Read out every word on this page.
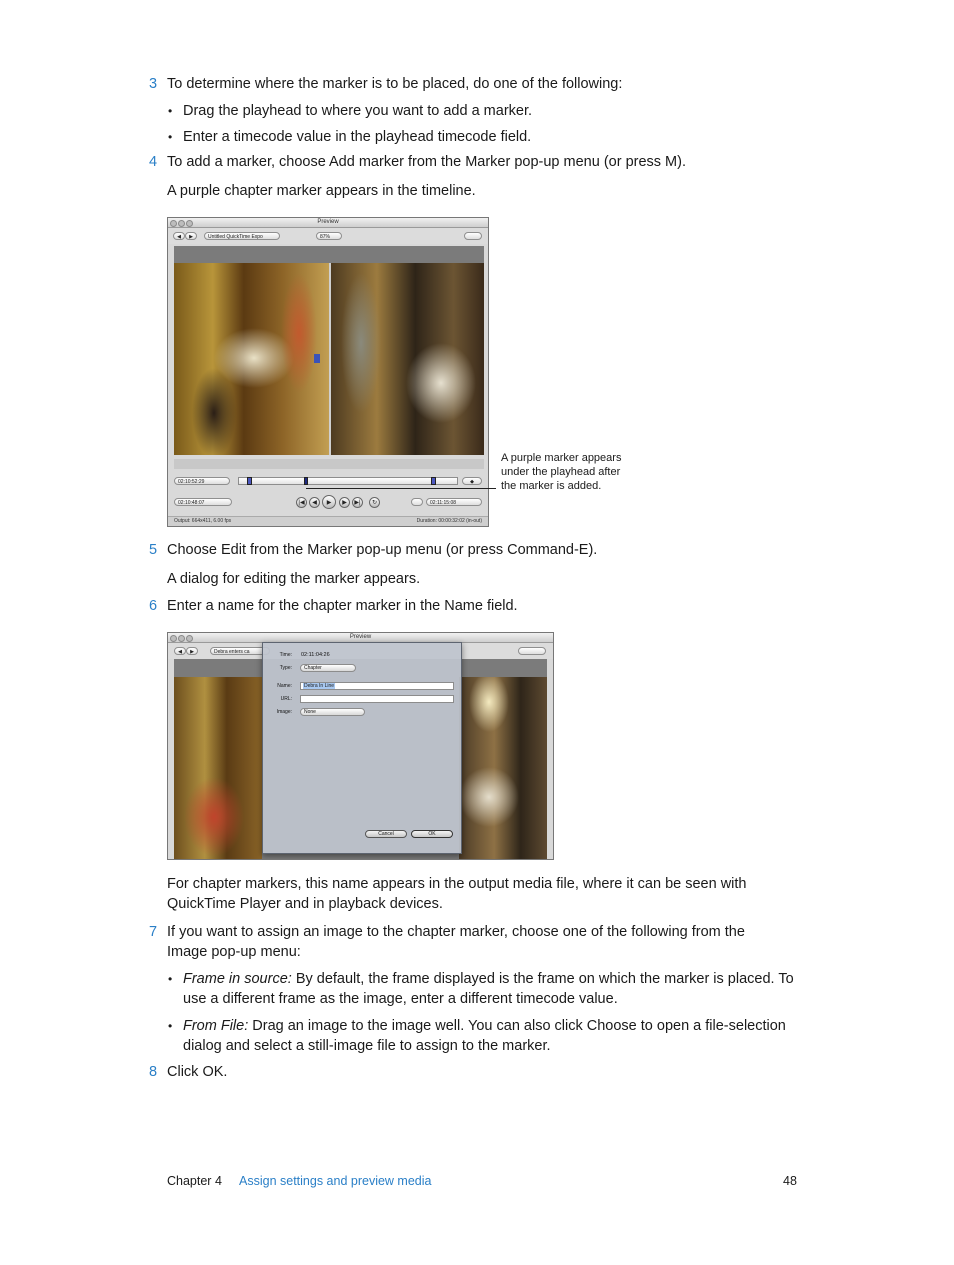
3 To determine where the marker is to be placed, do one of the following:
• Drag the playhead to where you want to add a marker.
• Enter a timecode value in the playhead timecode field.
4 To add a marker, choose Add marker from the Marker pop-up menu (or press M).
A purple chapter marker appears in the timeline.
Preview
◀	▶	Untitled QuickTime Expo	87%
02:10:52:29	◆
02:10:48:07	|◀	◀	▶	▶	▶|	↻	02:11:15:08
Output: 664x411, 6.00 fps	Duration: 00:00:32:02 (in-out)
A purple marker appears
under the playhead after
the marker is added.
5 Choose Edit from the Marker pop-up menu (or press Command-E).
A dialog for editing the marker appears.
6 Enter a name for the chapter marker in the Name field.
Preview
◀	▶	Debra enters ca	Time: 02:11:04:26
Type:	Chapter
Name:	Debra In Line
URL:
Image:	None
Cancel	OK
For chapter markers, this name appears in the output media file, where it can be seen with
QuickTime Player and in playback devices.
7 If you want to assign an image to the chapter marker, choose one of the following from the
Image pop-up menu:
• Frame in source: By default, the frame displayed is the frame on which the marker is placed. To
use a different frame as the image, enter a different timecode value.
• From File: Drag an image to the image well. You can also click Choose to open a file-selection
dialog and select a still-image file to assign to the marker.
8 Click OK.
Chapter 4 Assign settings and preview media	48
